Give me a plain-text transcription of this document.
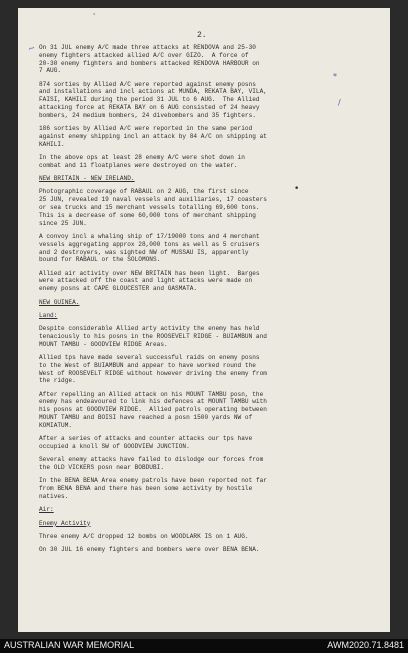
~
'
*
/
•
2.

On 31 JUL enemy A/C made three attacks at RENDOVA and 25-30
enemy fighters attacked allied A/C over GIZO.  A force of
20-30 enemy fighters and bombers attacked RENDOVA HARBOUR on
7 AUG.

874 sorties by Allied A/C were reported against enemy posns
and installations and incl actions at MUNDA, REKATA BAY, VILA,
FAISI, KAHILI during the period 31 JUL to 6 AUG.  The Allied
attacking force at REKATA BAY on 6 AUG consisted of 24 heavy
bombers, 24 medium bombers, 24 divebombers and 35 fighters.

186 sorties by Allied A/C were reported in the same period
against enemy shipping incl an attack by 84 A/C on shipping at
KAHILI.

In the above ops at least 28 enemy A/C were shot down in
combat and 11 floatplanes were destroyed on the water.

NEW BRITAIN - NEW IRELAND.

Photographic coverage of RABAUL on 2 AUG, the first since
25 JUN, revealed 19 naval vessels and auxiliaries, 17 coasters
or sea trucks and 15 merchant vessels totalling 69,600 tons.
This is a decrease of some 60,000 tons of merchant shipping
since 25 JUN.

A convoy incl a whaling ship of 17/19000 tons and 4 merchant
vessels aggregating approx 28,000 tons as well as 5 cruisers
and 2 destroyers, was sighted NW of MUSSAU IS, apparently
bound for RABAUL or the SOLOMONS.

Allied air activity over NEW BRITAIN has been light.  Barges
were attacked off the coast and light attacks were made on
enemy posns at CAPE GLOUCESTER and GASMATA.

NEW GUINEA.
Land:

Despite considerable Allied arty activity the enemy has held
tenaciously to his posns in the ROOSEVELT RIDGE - BUIAMBUN and
MOUNT TAMBU - GOODVIEW RIDGE Areas.

Allied tps have made several successful raids on enemy posns
to the West of BUIAMBUN and appear to have worked round the
West of ROOSEVELT RIDGE without however driving the enemy from
the ridge.

After repelling an Allied attack on his MOUNT TAMBU posn, the
enemy has endeavoured to link his defences at MOUNT TAMBU with
his posns at GOODVIEW RIDGE.  Allied patrols operating between
MOUNT TAMBU and BOISI have reached a posn 1500 yards NW of
KOMIATUM.

After a series of attacks and counter attacks our tps have
occupied a knoll SW of GOODVIEW JUNCTION.

Several enemy attacks have failed to dislodge our forces from
the OLD VICKERS posn near BOBDUBI.

In the BENA BENA Area enemy patrols have been reported not far
from BENA BENA and there has been some activity by hostile
natives.

Air:
Enemy Activity

Three enemy A/C dropped 12 bombs on WOODLARK IS on 1 AUG.

On 30 JUL 16 enemy fighters and bombers were over BENA BENA.

AUSTRALIAN WAR MEMORIAL	AWM2020.71.8481
